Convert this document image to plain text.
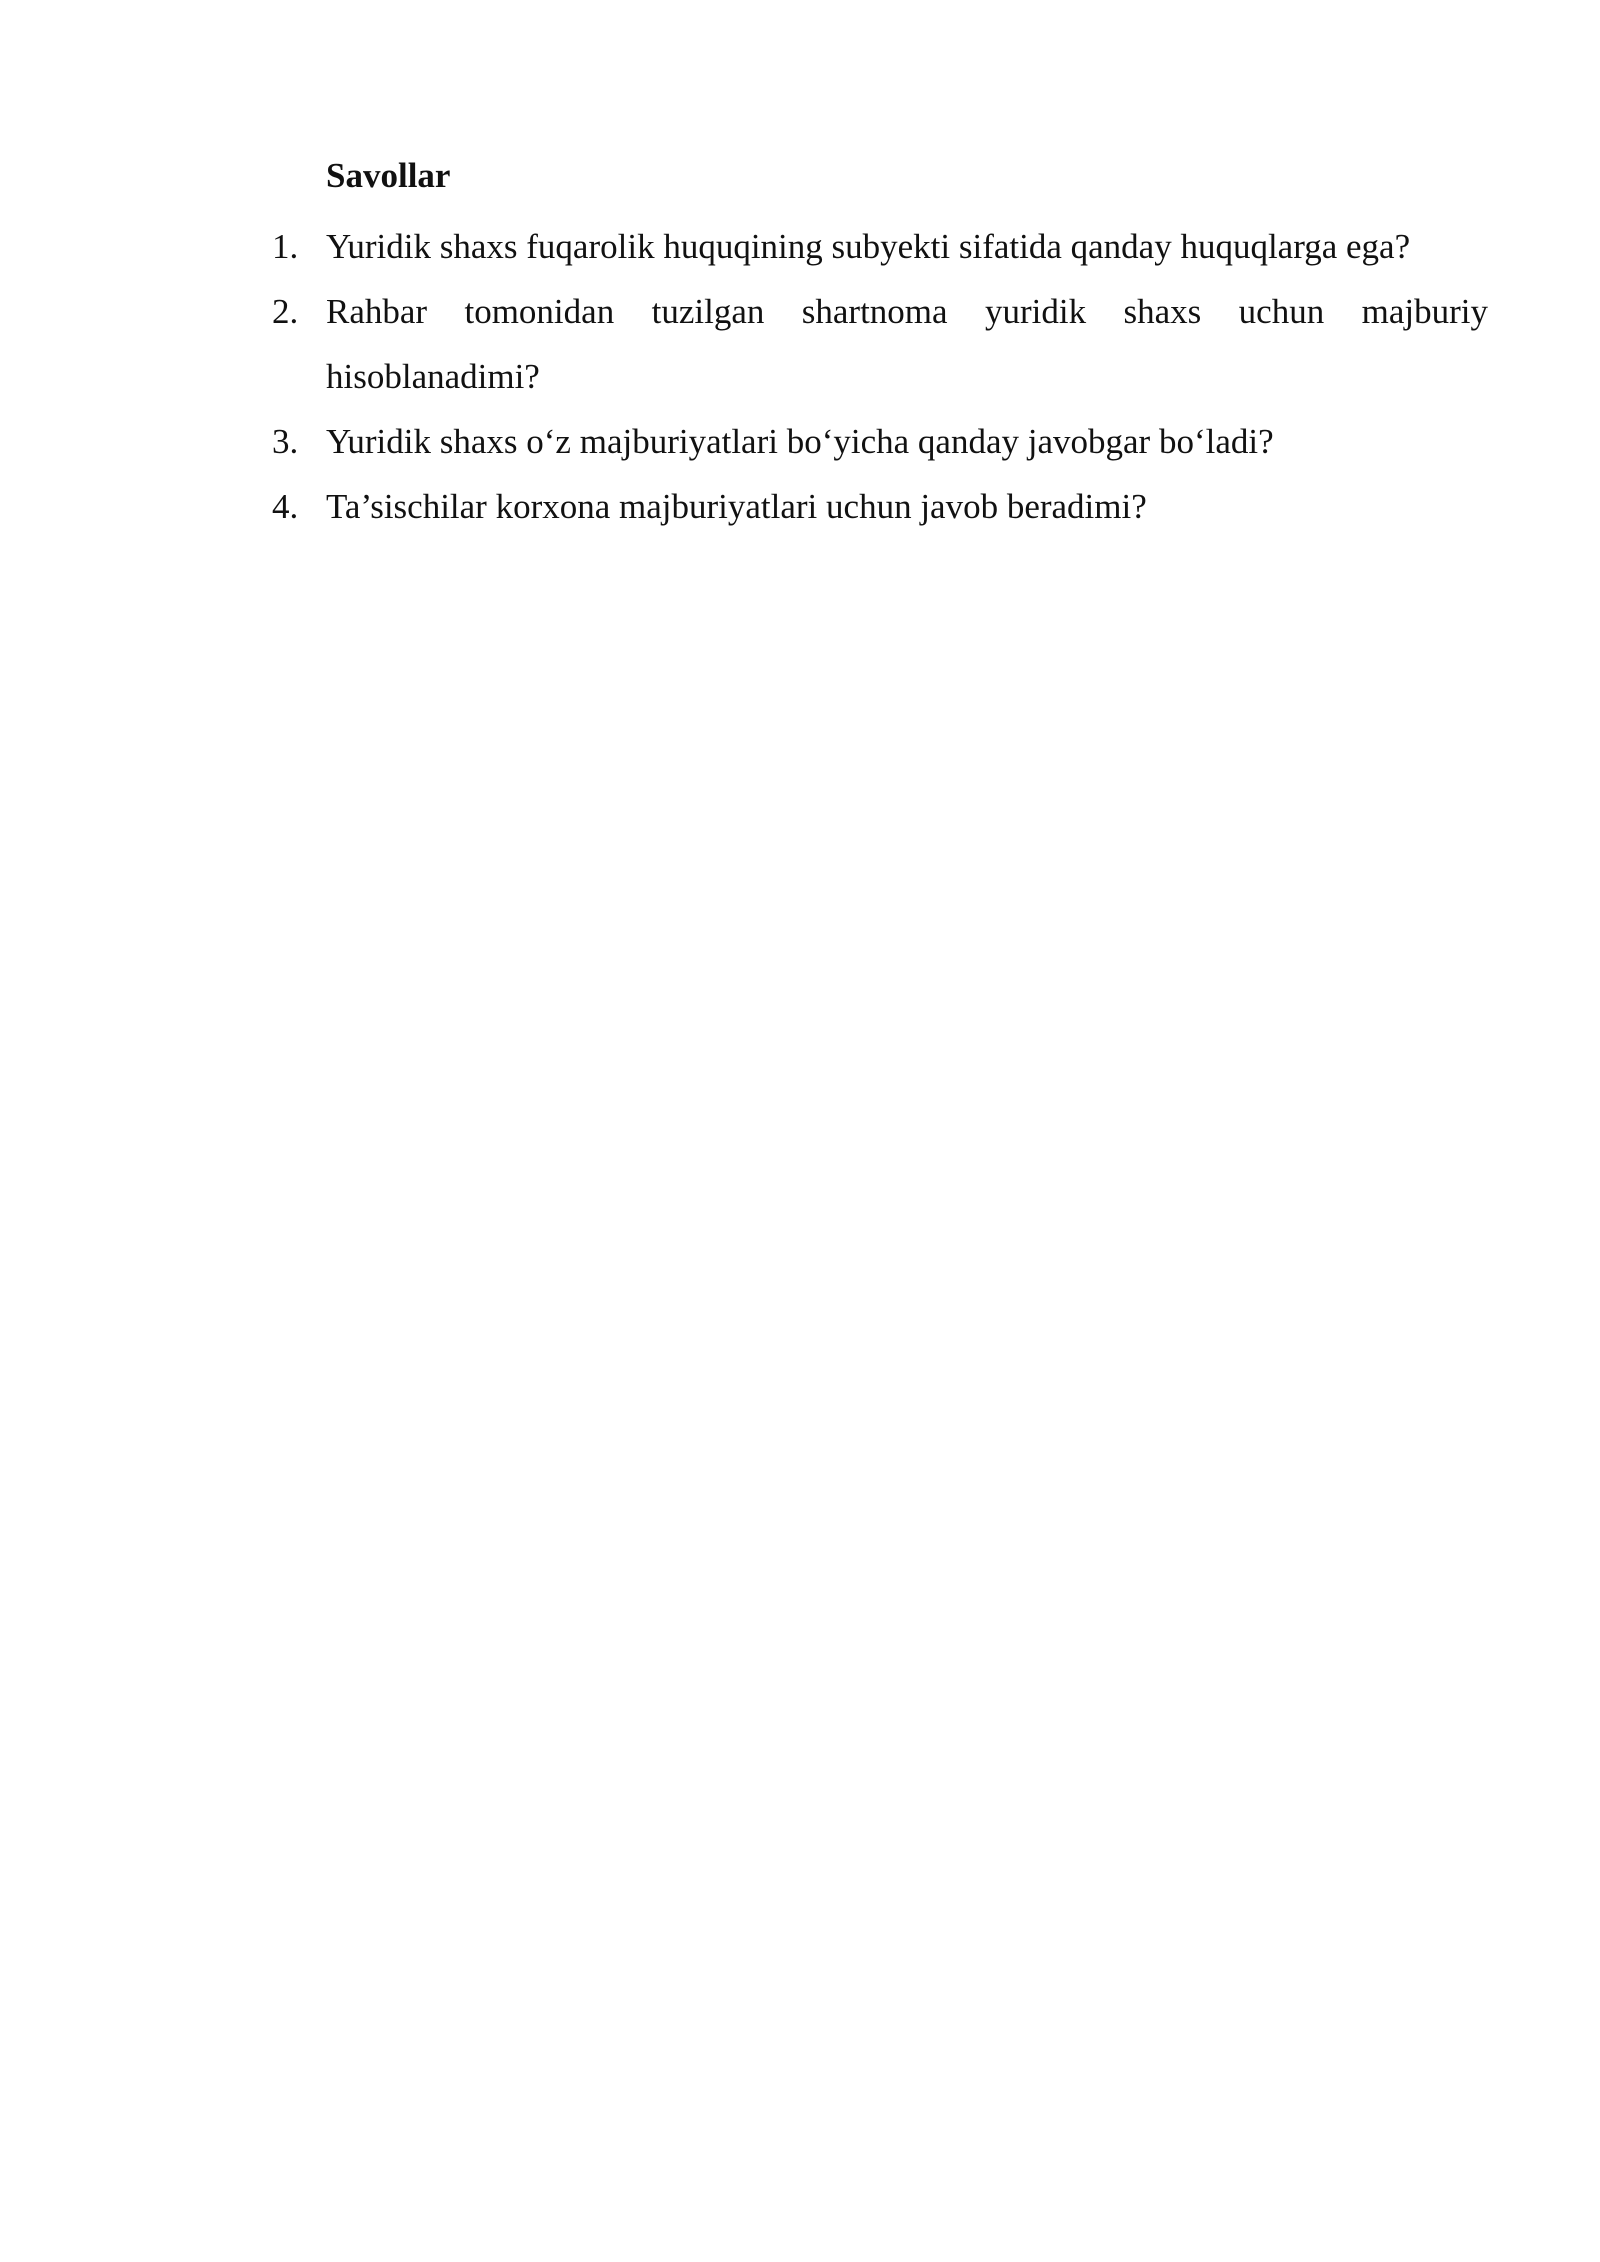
Savollar
1. Yuridik shaxs fuqarolik huquqining subyekti sifatida qanday huquqlarga ega?
2. Rahbar tomonidan tuzilgan shartnoma yuridik shaxs uchun majburiy hisoblanadimi?
3. Yuridik shaxs o‘z majburiyatlari bo‘yicha qanday javobgar bo‘ladi?
4. Ta’sischilar korxona majburiyatlari uchun javob beradimi?
